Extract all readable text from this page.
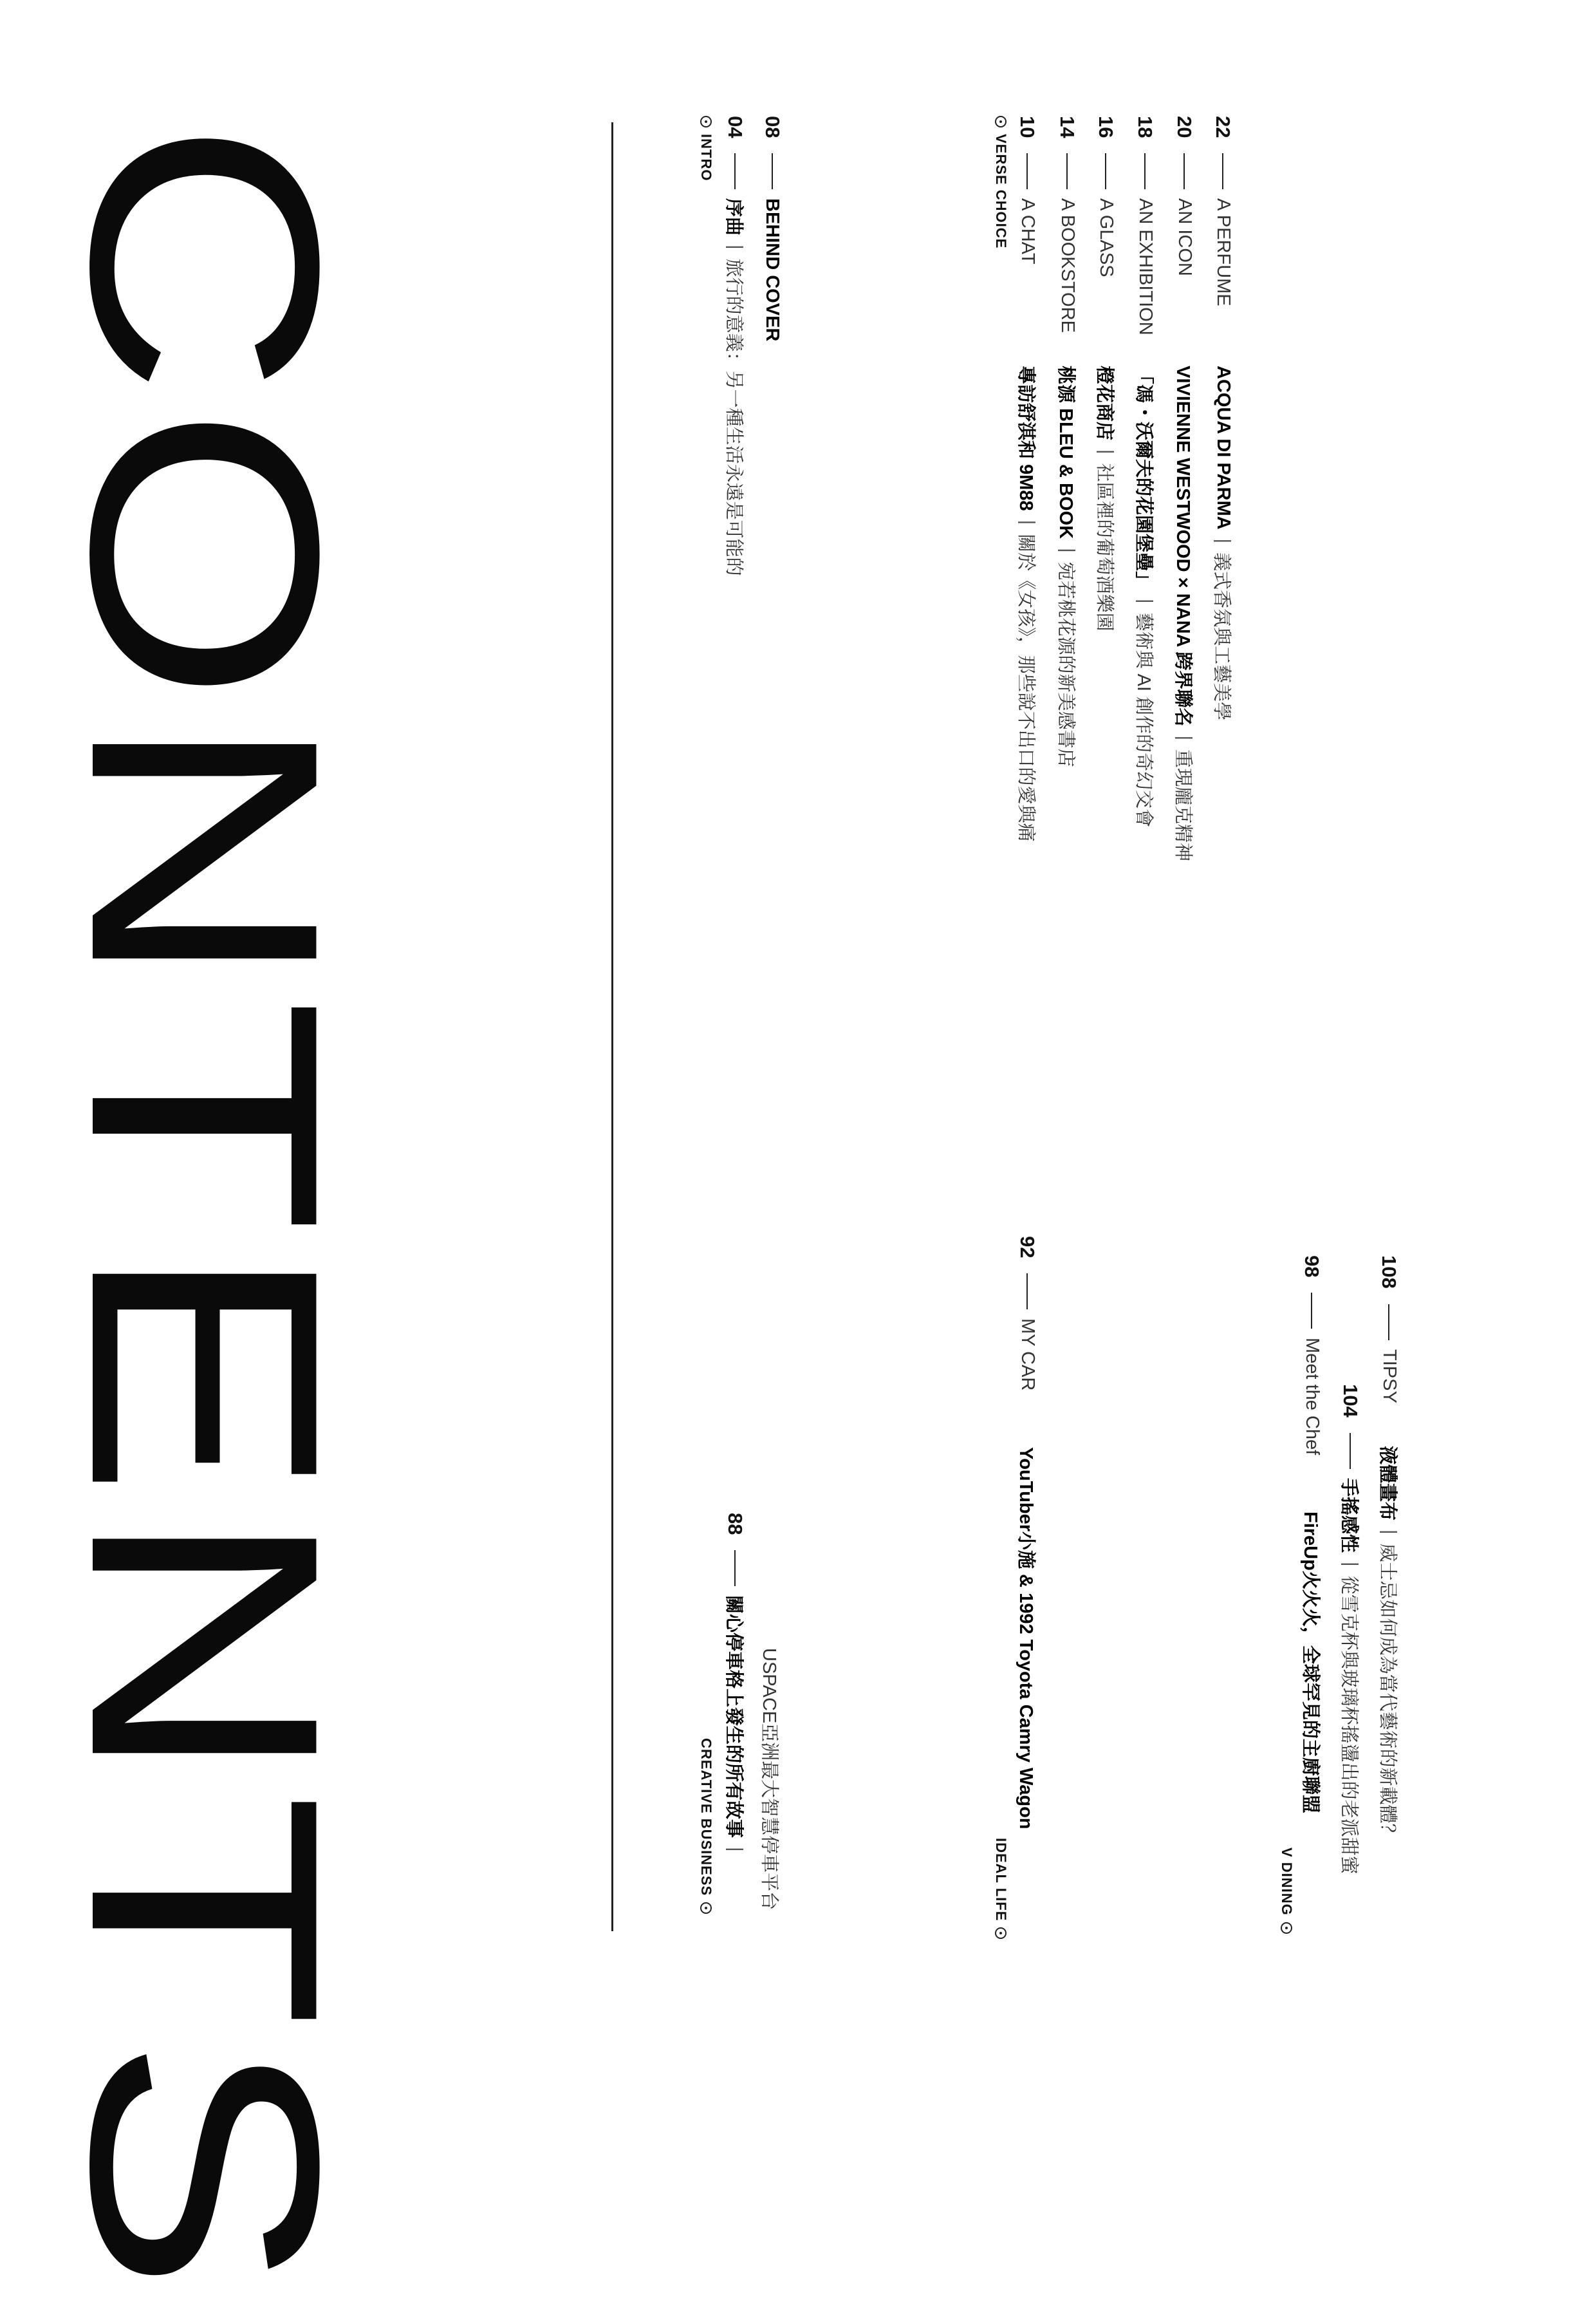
CONTENTS	INTRO
04
序曲
|
旅行的意義：另一種生活永遠是可能的
08
BEHIND COVER
VERSE CHOICE
10
A CHAT
專訪舒淇和 9M88
|
關於《女孩》，那些說不出口的愛與痛
14
A BOOKSTORE
桃源 BLEU & BOOK
|
宛若桃花源的新美感書店
16
A GLASS
橙花商店
|
社區裡的葡萄酒樂園
18
AN EXHIBITION
「馮・沃爾夫的花園堡壘」
|
藝術與 AI 創作的奇幻交會
20
AN ICON
VIVIENNE WESTWOOD × NANA 跨界聯名
|
重現龐克精神
22
A PERFUME
ACQUA DI PARMA
|
義式香氛與工藝美學
CREATIVE BUSINESS
88
關心停車格上發生的所有故事
| USPACE亞洲最大智慧停車平台	IDEAL LIFE
92
MY CAR
YouTuber小施 & 1992 Toyota Camry Wagon
V DINING
98
Meet the Chef
FireUp火火火，全球罕見的主廚聯盟
104
手搖感性
|
從雪克杯與玻璃杯搖盪出的老派甜蜜
108
TIPSY
液體畫布
|
威士忌如何成為當代藝術的新載體？
